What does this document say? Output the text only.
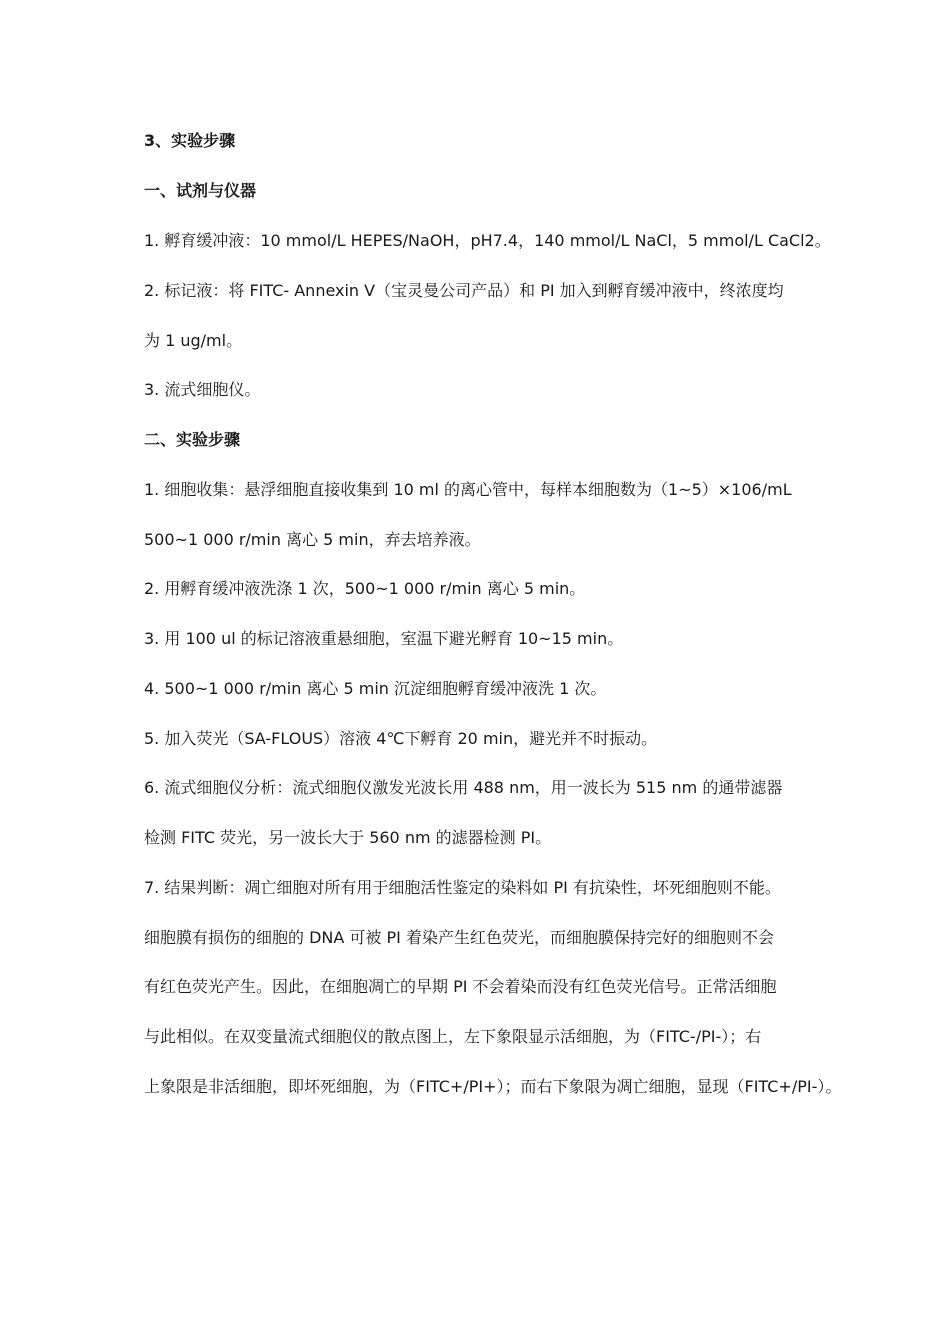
3、实验步骤
一、试剂与仪器
1. 孵育缓冲液：10 mmol/L HEPES/NaOH，pH7.4，140 mmol/L NaCl，5 mmol/L CaCl2。
2. 标记液：将 FITC- Annexin V（宝灵曼公司产品）和 PI 加入到孵育缓冲液中，终浓度均
为 1 ug/ml。
3. 流式细胞仪。
二、实验步骤
1. 细胞收集：悬浮细胞直接收集到 10 ml 的离心管中，每样本细胞数为（1~5）×106/mL
500~1 000 r/min 离心 5 min，弃去培养液。
2. 用孵育缓冲液洗涤 1 次，500~1 000 r/min 离心 5 min。
3. 用 100 ul 的标记溶液重悬细胞，室温下避光孵育 10~15 min。
4. 500~1 000 r/min 离心 5 min 沉淀细胞孵育缓冲液洗 1 次。
5. 加入荧光（SA-FLOUS）溶液 4℃下孵育 20 min，避光并不时振动。
6. 流式细胞仪分析：流式细胞仪激发光波长用 488 nm，用一波长为 515 nm 的通带滤器
检测 FITC 荧光，另一波长大于 560 nm 的滤器检测 PI。
7. 结果判断：凋亡细胞对所有用于细胞活性鉴定的染料如 PI 有抗染性，坏死细胞则不能。
细胞膜有损伤的细胞的 DNA 可被 PI 着染产生红色荧光，而细胞膜保持完好的细胞则不会
有红色荧光产生。因此，在细胞凋亡的早期 PI 不会着染而没有红色荧光信号。正常活细胞
与此相似。在双变量流式细胞仪的散点图上，左下象限显示活细胞，为（FITC-/PI-）；右
上象限是非活细胞，即坏死细胞，为（FITC+/PI+）；而右下象限为凋亡细胞，显现（FITC+/PI-）。
